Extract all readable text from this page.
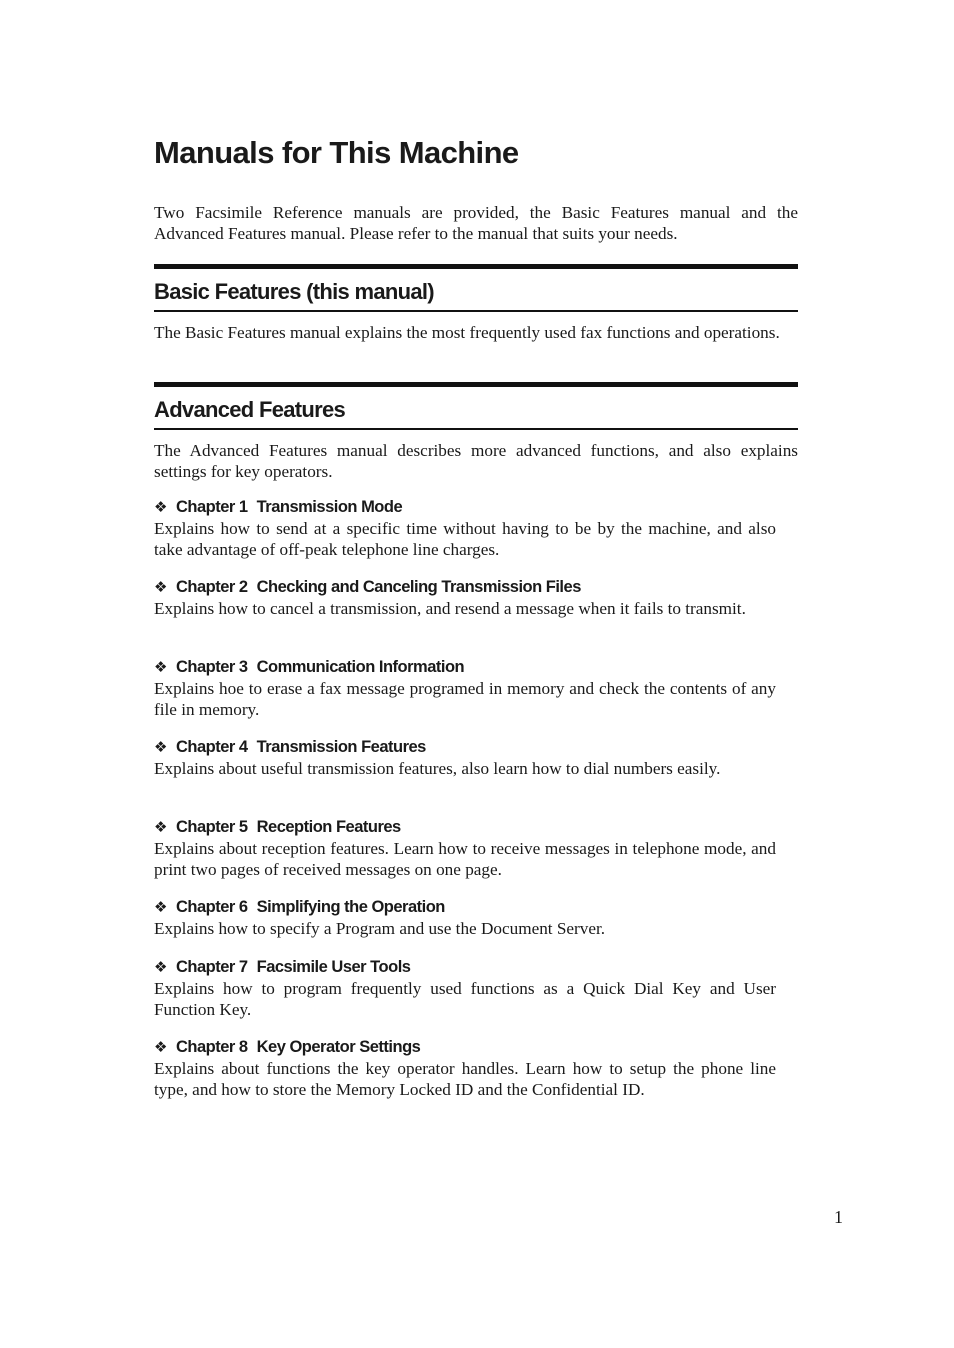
Manuals for This Machine

Two Facsimile Reference manuals are provided, the Basic Features manual and the Advanced Features manual. Please refer to the manual that suits your needs.

Basic Features (this manual)

The Basic Features manual explains the most frequently used fax functions and operations.

Advanced Features

The Advanced Features manual describes more advanced functions, and also explains settings for key operators.

❖ Chapter 1 Transmission Mode

Explains how to send at a specific time without having to be by the machine, and also take advantage of off-peak telephone line charges.

❖ Chapter 2 Checking and Canceling Transmission Files

Explains how to cancel a transmission, and resend a message when it fails to transmit.

❖ Chapter 3 Communication Information

Explains hoe to erase a fax message programed in memory and check the contents of any file in memory.

❖ Chapter 4 Transmission Features

Explains about useful transmission features, also learn how to dial numbers easily.

❖ Chapter 5 Reception Features

Explains about reception features. Learn how to receive messages in telephone mode, and print two pages of received messages on one page.

❖ Chapter 6 Simplifying the Operation

Explains how to specify a Program and use the Document Server.

❖ Chapter 7 Facsimile User Tools

Explains how to program frequently used functions as a Quick Dial Key and User Function Key.

❖ Chapter 8 Key Operator Settings

Explains about functions the key operator handles. Learn how to setup the phone line type, and how to store the Memory Locked ID and the Confidential ID.

1
